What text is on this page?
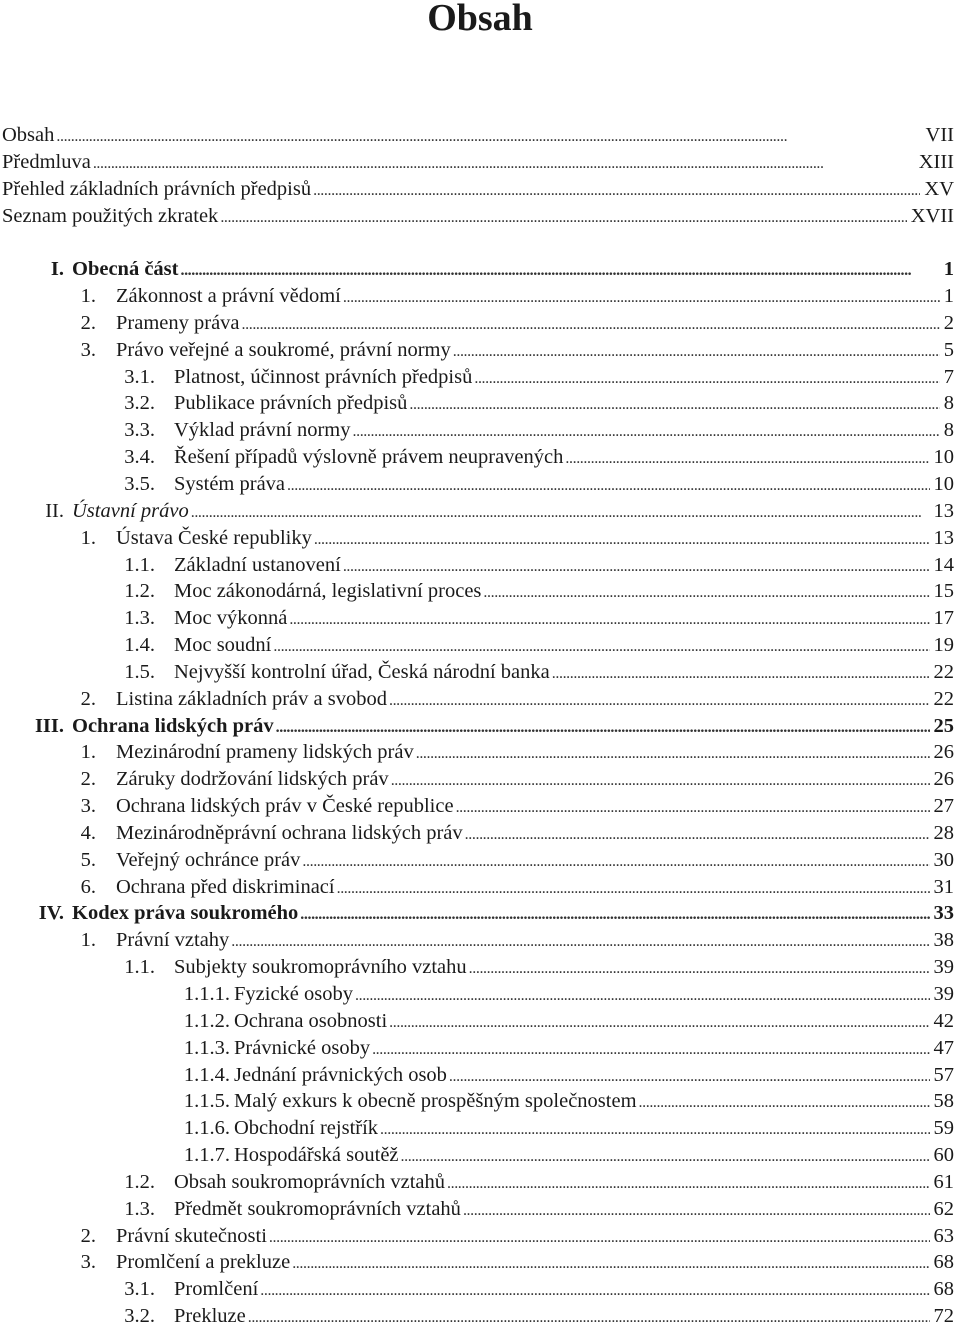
Obsah
Obsah . . .	VII
Předmluva . . .	XIII
Přehled základních právních předpisů . . .	XV
Seznam použitých zkratek . . .	XVII
I. Obecná část . . .	1
1. Zákonnost a právní vědomí . . .	1
2. Prameny práva . . .	2
3. Právo veřejné a soukromé, právní normy . . .	5
3.1. Platnost, účinnost právních předpisů . . .	7
3.2. Publikace právních předpisů . . .	8
3.3. Výklad právní normy . . .	8
3.4. Řešení případů výslovně právem neupravených . . .	10
3.5. Systém práva . . .	10
II. Ústavní právo . . .	13
1. Ústava České republiky . . .	13
1.1. Základní ustanovení . . .	14
1.2. Moc zákonodárná, legislativní proces . . .	15
1.3. Moc výkonná . . .	17
1.4. Moc soudní . . .	19
1.5. Nejvyšší kontrolní úřad, Česká národní banka . . .	22
2. Listina základních práv a svobod . . .	22
III. Ochrana lidských práv . . .	25
1. Mezinárodní prameny lidských práv . . .	26
2. Záruky dodržování lidských práv . . .	26
3. Ochrana lidských práv v České republice . . .	27
4. Mezinárodněprávní ochrana lidských práv . . .	28
5. Veřejný ochránce práv . . .	30
6. Ochrana před diskriminací . . .	31
IV. Kodex práva soukromého . . .	33
1. Právní vztahy . . .	38
1.1. Subjekty soukromoprávního vztahu . . .	39
1.1.1. Fyzické osoby . . .	39
1.1.2. Ochrana osobnosti . . .	42
1.1.3. Právnické osoby . . .	47
1.1.4. Jednání právnických osob . . .	57
1.1.5. Malý exkurs k obecně prospěšným společnostem . . .	58
1.1.6. Obchodní rejstřík . . .	59
1.1.7. Hospodářská soutěž . . .	60
1.2. Obsah soukromoprávních vztahů . . .	61
1.3. Předmět soukromoprávních vztahů . . .	62
2. Právní skutečnosti . . .	63
3. Promlčení a prekluze . . .	68
3.1. Promlčení . . .	68
3.2. Prekluze . . .	72
